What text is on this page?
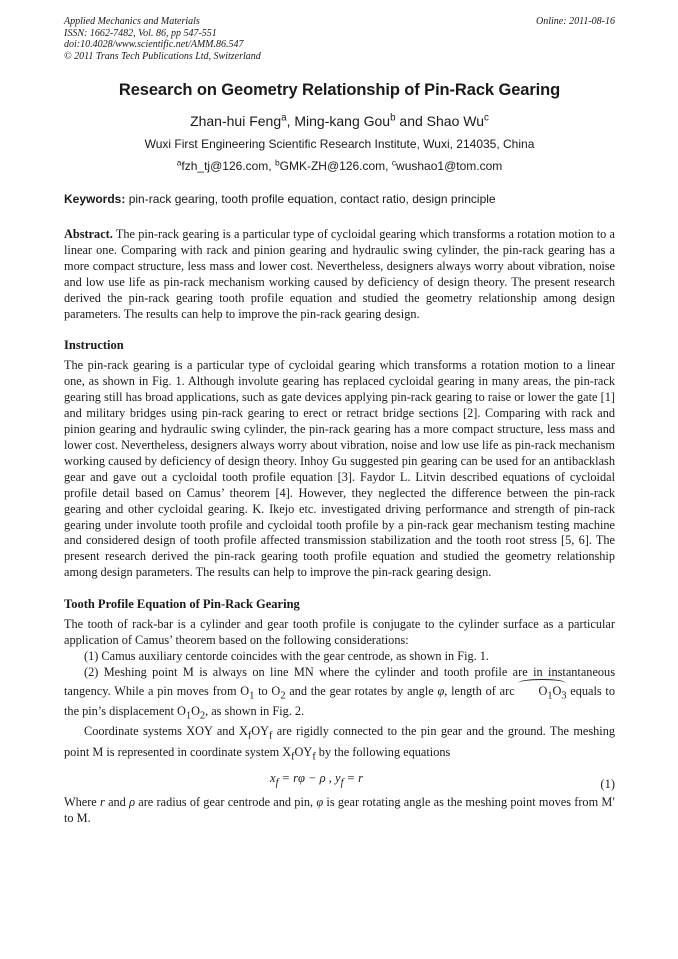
Applied Mechanics and Materials
ISSN: 1662-7482, Vol. 86, pp 547-551
doi:10.4028/www.scientific.net/AMM.86.547
© 2011 Trans Tech Publications Ltd, Switzerland
Online: 2011-08-16
Research on Geometry Relationship of Pin-Rack Gearing
Zhan-hui Feng$^a$, Ming-kang Gou$^b$ and Shao Wu$^c$
Wuxi First Engineering Scientific Research Institute, Wuxi, 214035, China
$^a$fzh_tj@126.com, $^b$GMK-ZH@126.com, $^c$wushao1@tom.com
Keywords: pin-rack gearing, tooth profile equation, contact ratio, design principle

Abstract. The pin-rack gearing is a particular type of cycloidal gearing which transforms a rotation motion to a linear one. Comparing with rack and pinion gearing and hydraulic swing cylinder, the pin-rack gearing has a more compact structure, less mass and lower cost. Nevertheless, designers always worry about vibration, noise and low use life as pin-rack mechanism working caused by deficiency of design theory. The present research derived the pin-rack gearing tooth profile equation and studied the geometry relationship among design parameters. The results can help to improve the pin-rack gearing design.

Instruction

The pin-rack gearing is a particular type of cycloidal gearing which transforms a rotation motion to a linear one, as shown in Fig. 1. Although involute gearing has replaced cycloidal gearing in many areas, the pin-rack gearing still has broad applications, such as gate devices applying pin-rack gearing to raise or lower the gate [1] and military bridges using pin-rack gearing to erect or retract bridge sections [2]. Comparing with rack and pinion gearing and hydraulic swing cylinder, the pin-rack gearing has a more compact structure, less mass and lower cost. Nevertheless, designers always worry about vibration, noise and low use life as pin-rack mechanism working caused by deficiency of design theory. Inhoy Gu suggested pin gearing can be used for an antibacklash gear and gave out a cycloidal tooth profile equation [3]. Faydor L. Litvin described equations of cycloidal profile detail based on Camus’ theorem [4]. However, they neglected the difference between the pin-rack gearing and other cycloidal gearing. K. Ikejo etc. investigated driving performance and strength of pin-rack gearing under involute tooth profile and cycloidal tooth profile by a pin-rack gear mechanism testing machine and considered design of tooth profile affected transmission stabilization and the tooth root stress [5, 6]. The present research derived the pin-rack gearing tooth profile equation and studied the geometry relationship among design parameters. The results can help to improve the pin-rack gearing design.

Tooth Profile Equation of Pin-Rack Gearing

The tooth of rack-bar is a cylinder and gear tooth profile is conjugate to the cylinder surface as a particular application of Camus’ theorem based on the following considerations:

(1) Camus auxiliary centorde coincides with the gear centrode, as shown in Fig. 1.

(2) Meshing point M is always on line MN where the cylinder and tooth profile are in instantaneous tangency. While a pin moves from $O_1$ to $O_2$ and the gear rotates by angle φ, length of arc $O_1O_3$ equals to the pin’s displacement $O_1O_2$, as shown in Fig. 2.

Coordinate systems XOY and $X_fOY_f$ are rigidly connected to the pin gear and the ground. The meshing point M is represented in coordinate system $X_fOY_f$ by the following equations

$x_f = r\varphi - \rho$ , $y_f = r$	(1)

Where r and ρ are radius of gear centrode and pin, φ is gear rotating angle as the meshing point moves from M′ to M.
